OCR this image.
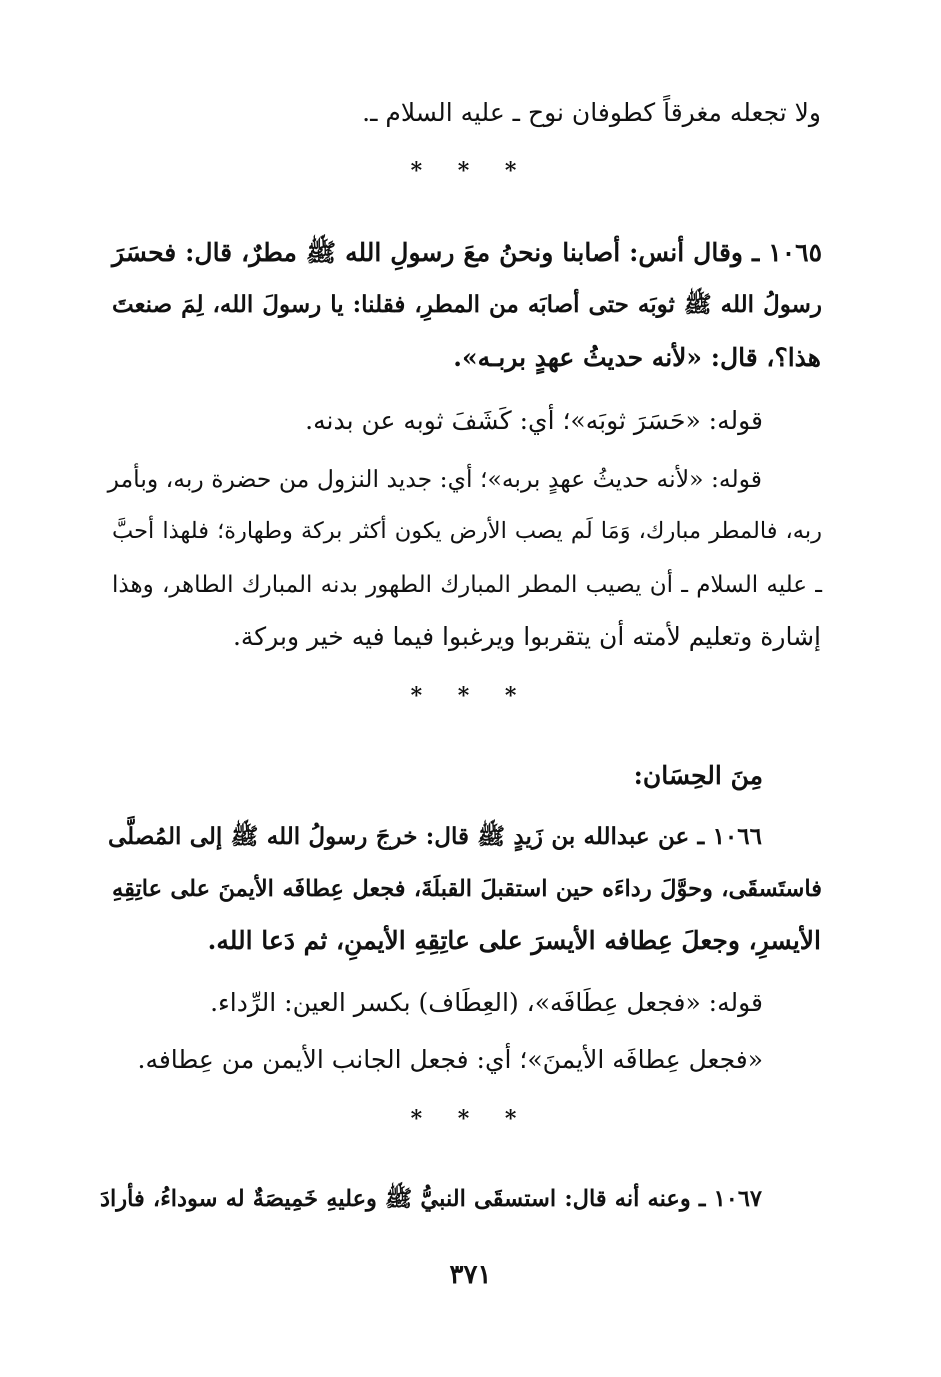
ولا تجعله مغرقاً كطوفان نوح ـ عليه السلام ـ.
* * *
١٠٦٥ ـ وقال أنس: أصابنا ونحنُ معَ رسولِ الله ﷺ مطرٌ، قال: فحسَرَ
رسولُ الله ﷺ ثوبَه حتى أصابَه من المطرِ، فقلنا: يا رسولَ الله، لِمَ صنعتَ
هذا؟، قال: «لأنه حديثُ عهدٍ بربـه».
قوله: «حَسَرَ ثوبَه»؛ أي: كَشَفَ ثوبه عن بدنه.
قوله: «لأنه حديثُ عهدٍ بربه»؛ أي: جديد النزول من حضرة ربه، وبأمر
ربه، فالمطر مبارك، وَمَا لَم يصب الأرض يكون أكثر بركة وطهارة؛ فلهذا أحبَّ
ـ عليه السلام ـ أن يصيب المطر المبارك الطهور بدنه المبارك الطاهر، وهذا
إشارة وتعليم لأمته أن يتقربوا ويرغبوا فيما فيه خير وبركة.
* * *
مِنَ الحِسَان:
١٠٦٦ ـ عن عبدالله بن زَيدٍ ﷺ قال: خرجَ رسولُ الله ﷺ إلى المُصلَّى
فاستَسقَى، وحوَّلَ رداءَه حين استقبلَ القبلَةَ، فجعل عِطافَه الأيمنَ على عاتِقِهِ
الأيسرِ، وجعلَ عِطافه الأيسرَ على عاتِقِهِ الأيمنِ، ثم دَعا الله.
قوله: «فجعل عِطَافَه»، (العِطَاف) بكسر العين: الرِّداء.
«فجعل عِطافَه الأيمنَ»؛ أي: فجعل الجانب الأيمن من عِطافه.
* * *
١٠٦٧ ـ وعنه أنه قال: استسقَى النبيُّ ﷺ وعليهِ خَمِيصَةٌ له سوداءُ، فأرادَ
٣٧١
